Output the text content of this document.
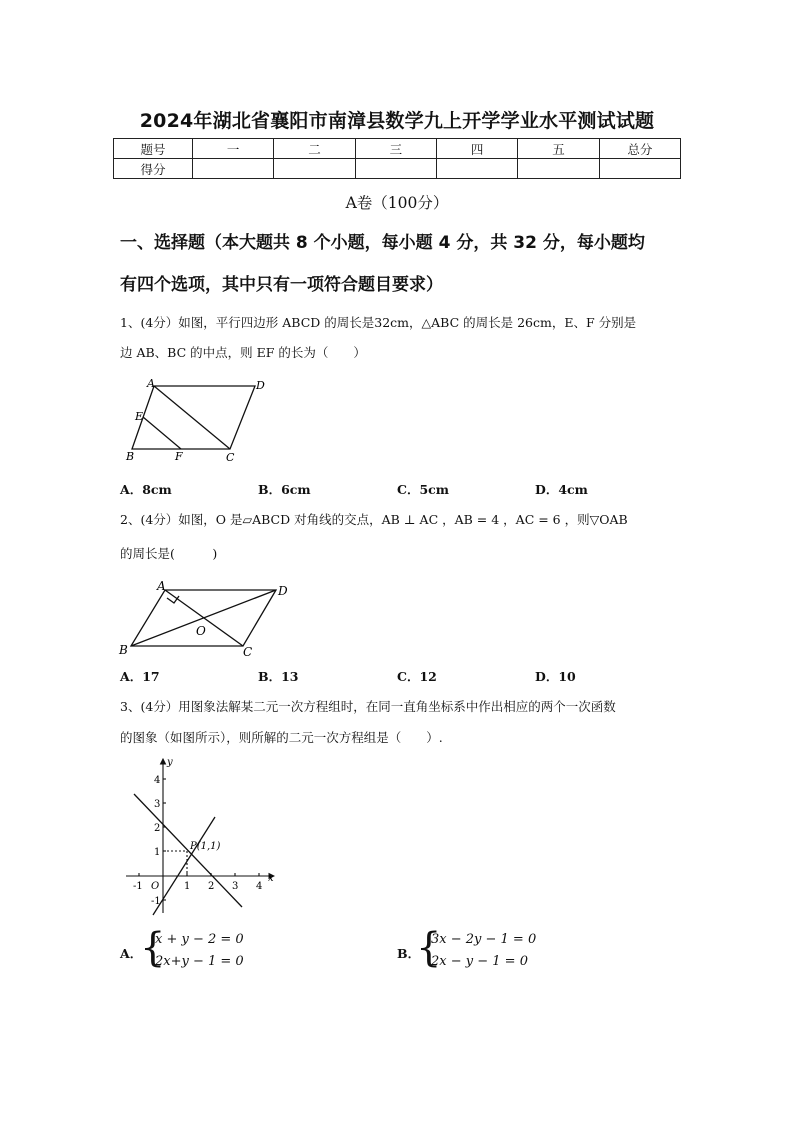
2024年湖北省襄阳市南漳县数学九上开学学业水平测试试题
题号	一	二	三	四	五	总分
得分						
A卷（100分）
一、选择题（本大题共 8 个小题，每小题 4 分，共 32 分，每小题均
有四个选项，其中只有一项符合题目要求）
1、(4分）如图，平行四边形 ABCD 的周长是32cm，△ABC 的周长是 26cm，E、F 分别是
边 AB、BC 的中点，则 EF 的长为（　　）
A	D
E
B	F	C
A．8cm	B．6cm	C．5cm	D．4cm
2、(4分）如图，O 是▱ABCD 对角线的交点，AB ⊥ AC ，AB = 4 ，AC = 6 ，则▽OAB
的周长是(　　　)
A	D
O
B	C
A．17	B．13	C．12	D．10
3、(4分）用图象法解某二元一次方程组时，在同一直角坐标系中作出相应的两个一次函数
的图象（如图所示），则所解的二元一次方程组是（　　）.
x
y
O
P(1,1)
-1	1 2 3 4
4
3
2
1
-1
A．
{
x + y − 2 = 0
2x+y − 1 = 0
B．
{
3x − 2y − 1 = 0
2x − y − 1 = 0
